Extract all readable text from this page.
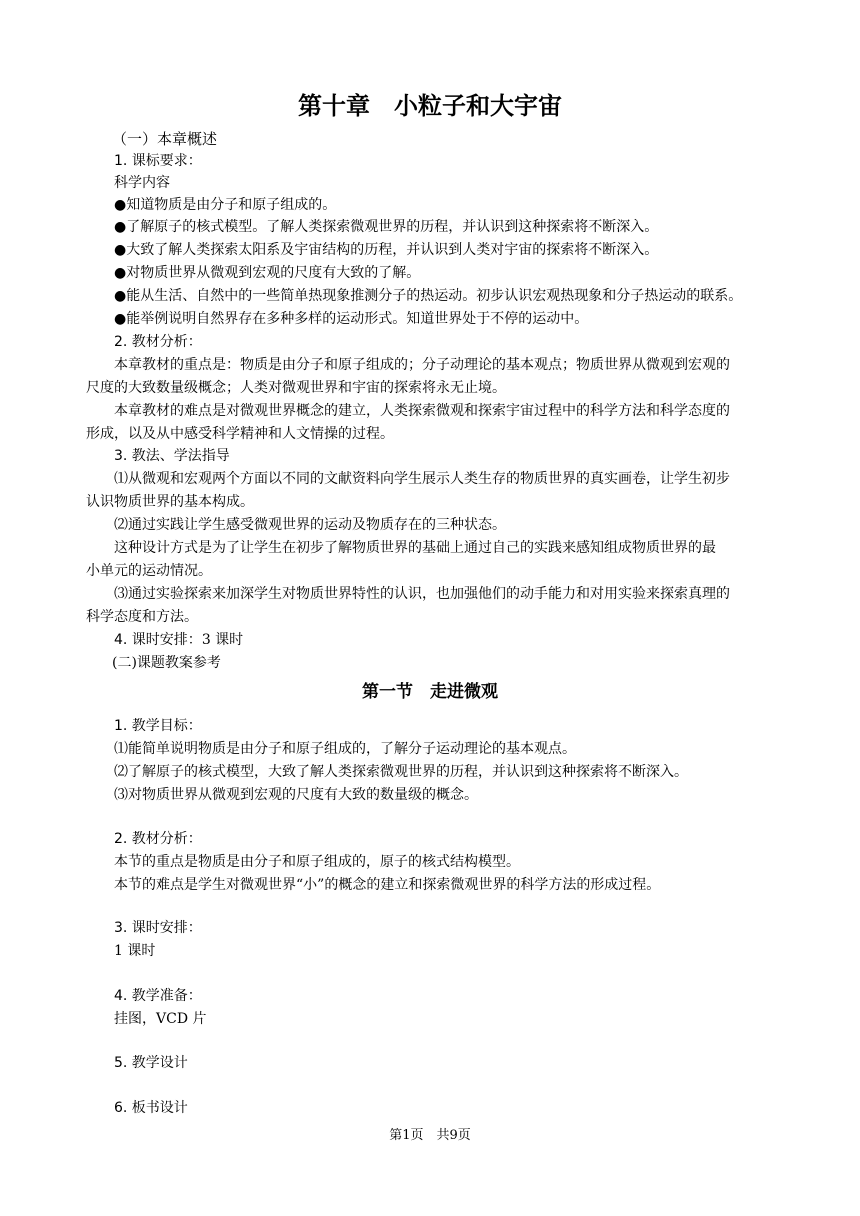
第十章　小粒子和大宇宙
（一）本章概述
1. 课标要求：
科学内容
●知道物质是由分子和原子组成的。
●了解原子的核式模型。了解人类探索微观世界的历程，并认识到这种探索将不断深入。
●大致了解人类探索太阳系及宇宙结构的历程，并认识到人类对宇宙的探索将不断深入。
●对物质世界从微观到宏观的尺度有大致的了解。
●能从生活、自然中的一些简单热现象推测分子的热运动。初步认识宏观热现象和分子热运动的联系。
●能举例说明自然界存在多种多样的运动形式。知道世界处于不停的运动中。
2. 教材分析：
本章教材的重点是：物质是由分子和原子组成的；分子动理论的基本观点；物质世界从微观到宏观的
尺度的大致数量级概念；人类对微观世界和宇宙的探索将永无止境。
本章教材的难点是对微观世界概念的建立，人类探索微观和探索宇宙过程中的科学方法和科学态度的
形成，以及从中感受科学精神和人文情操的过程。
3. 教法、学法指导
⑴从微观和宏观两个方面以不同的文献资料向学生展示人类生存的物质世界的真实画卷，让学生初步
认识物质世界的基本构成。
⑵通过实践让学生感受微观世界的运动及物质存在的三种状态。
这种设计方式是为了让学生在初步了解物质世界的基础上通过自己的实践来感知组成物质世界的最
小单元的运动情况。
⑶通过实验探索来加深学生对物质世界特性的认识，也加强他们的动手能力和对用实验来探索真理的
科学态度和方法。
4. 课时安排：3 课时
(二)课题教案参考
第一节　走进微观
1. 教学目标：
⑴能简单说明物质是由分子和原子组成的，了解分子运动理论的基本观点。
⑵了解原子的核式模型，大致了解人类探索微观世界的历程，并认识到这种探索将不断深入。
⑶对物质世界从微观到宏观的尺度有大致的数量级的概念。
2. 教材分析：
本节的重点是物质是由分子和原子组成的，原子的核式结构模型。
本节的难点是学生对微观世界“小”的概念的建立和探索微观世界的科学方法的形成过程。
3. 课时安排：
1 课时
4. 教学准备：
挂图，VCD 片
5. 教学设计
6. 板书设计
第1页　共9页
